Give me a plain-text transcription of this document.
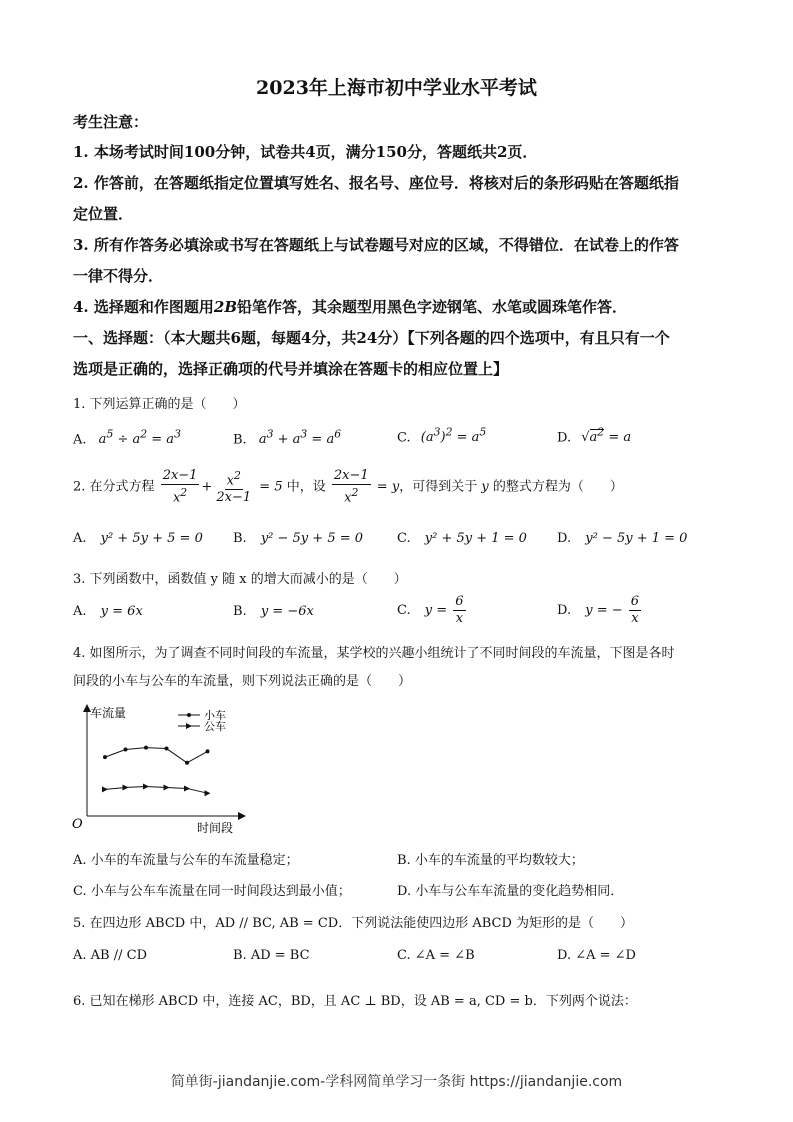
2023年上海市初中学业水平考试
考生注意：
1. 本场考试时间100分钟，试卷共4页，满分150分，答题纸共2页．
2. 作答前，在答题纸指定位置填写姓名、报名号、座位号．将核对后的条形码贴在答题纸指
定位置．
3. 所有作答务必填涂或书写在答题纸上与试卷题号对应的区域，不得错位．在试卷上的作答
一律不得分．
4. 选择题和作图题用2B铅笔作答，其余题型用黑色字迹钢笔、水笔或圆珠笔作答．
一、选择题：（本大题共6题，每题4分，共24分）【下列各题的四个选项中，有且只有一个
选项是正确的，选择正确项的代号并填涂在答题卡的相应位置上】
1. 下列运算正确的是（　　）
A. $a^5 \div a^2 = a^3$	B. $a^3 + a^3 = a^6$	C. $(a^3)^2 = a^5$	D. $√a^2 = a$
2. 在分式方程 $\frac{2x-1}{x^2} + \frac{x^2}{2x-1} = 5$ 中，设 $\frac{2x-1}{x^2} = y$，可得到关于 y 的整式方程为（　　）
A. y² + 5y + 5 = 0 B. y² − 5y + 5 = 0	C. y² + 5y + 1 = 0 D. y² − 5y + 1 = 0
3. 下列函数中，函数值 y 随 x 的增大而减小的是（　　）
A. y = 6x	B. y = −6x	C. $y = \frac{6}{x}$	D. y = − $\frac{6}{x}$
4. 如图所示，为了调查不同时间段的车流量，某学校的兴趣小组统计了不同时间段的车流量，下图是各时
间段的小车与公车的车流量，则下列说法正确的是（　　）
车流量
时间段
O
小车
公车
A. 小车的车流量与公车的车流量稳定；	B. 小车的车流量的平均数较大；
C. 小车与公车车流量在同一时间段达到最小值；	D. 小车与公车车流量的变化趋势相同．
5. 在四边形 ABCD 中，AD // BC, AB = CD．下列说法能使四边形 ABCD 为矩形的是（　　）
A. AB // CD	B. AD = BC	C. ∠A = ∠B	D. ∠A = ∠D
6. 已知在梯形 ABCD 中，连接 AC，BD，且 AC ⊥ BD，设 AB = a, CD = b．下列两个说法：
简单街-jiandanjie.com-学科网简单学习一条街 https://jiandanjie.com
